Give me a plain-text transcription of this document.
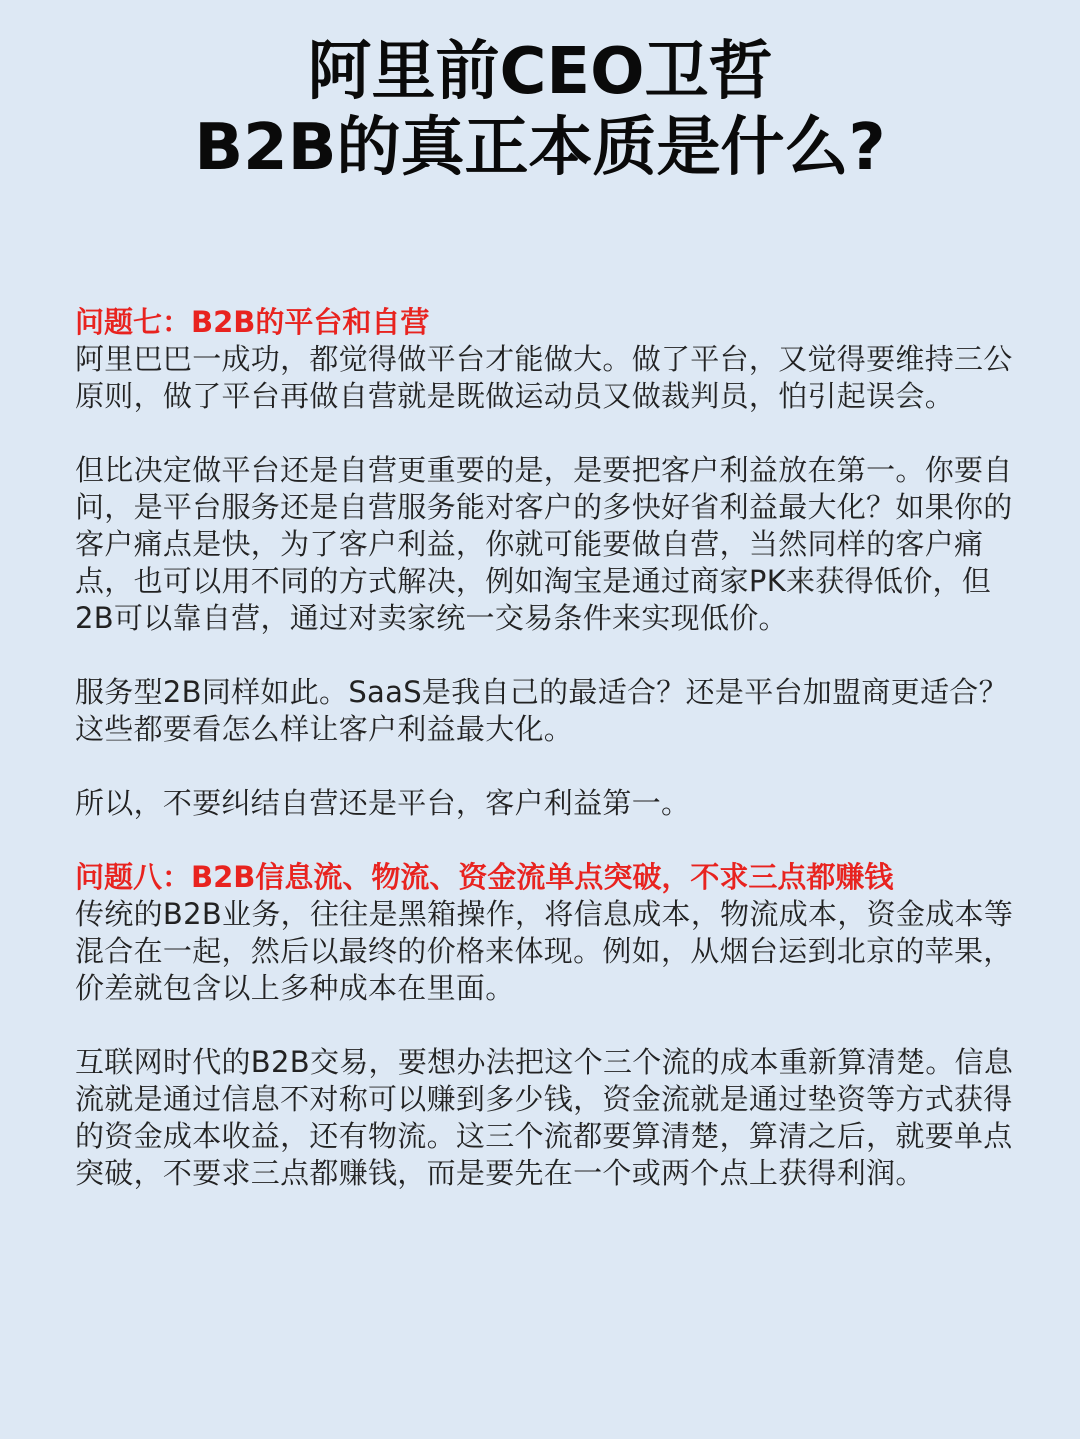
阿里前CEO卫哲
B2B的真正本质是什么?

问题七：B2B的平台和自营

阿里巴巴一成功，都觉得做平台才能做大。做了平台，又觉得要维持三公原则，做了平台再做自营就是既做运动员又做裁判员，怕引起误会。

但比决定做平台还是自营更重要的是，是要把客户利益放在第一。你要自问，是平台服务还是自营服务能对客户的多快好省利益最大化？如果你的客户痛点是快，为了客户利益，你就可能要做自营，当然同样的客户痛点，也可以用不同的方式解决，例如淘宝是通过商家PK来获得低价，但2B可以靠自营，通过对卖家统一交易条件来实现低价。

服务型2B同样如此。SaaS是我自己的最适合？还是平台加盟商更适合？这些都要看怎么样让客户利益最大化。

所以，不要纠结自营还是平台，客户利益第一。

问题八：B2B信息流、物流、资金流单点突破，不求三点都赚钱

传统的B2B业务，往往是黑箱操作，将信息成本，物流成本，资金成本等混合在一起，然后以最终的价格来体现。例如，从烟台运到北京的苹果，价差就包含以上多种成本在里面。

互联网时代的B2B交易，要想办法把这个三个流的成本重新算清楚。信息流就是通过信息不对称可以赚到多少钱，资金流就是通过垫资等方式获得的资金成本收益，还有物流。这三个流都要算清楚，算清之后，就要单点突破，不要求三点都赚钱，而是要先在一个或两个点上获得利润。
